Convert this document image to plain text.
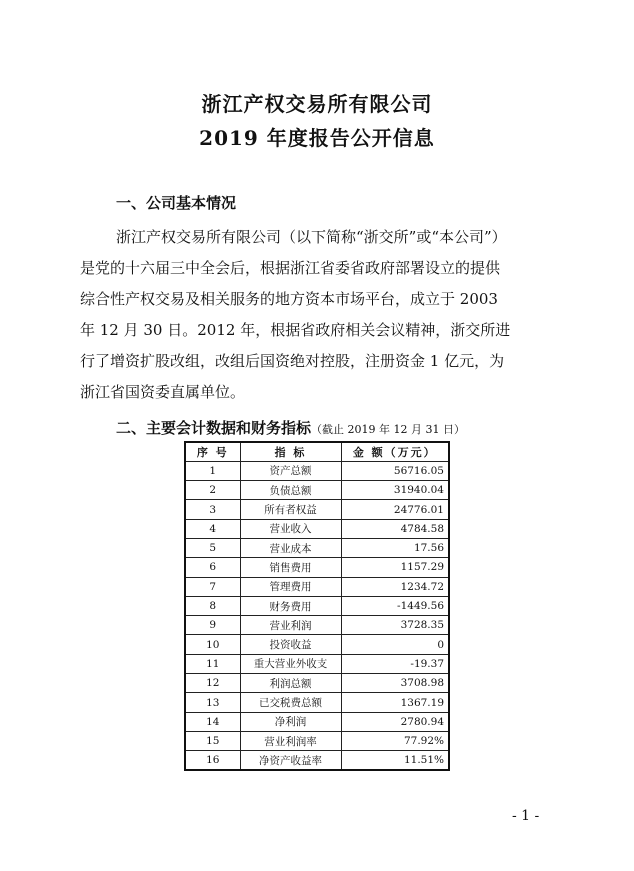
浙江产权交易所有限公司
2019 年度报告公开信息
一、公司基本情况
浙江产权交易所有限公司（以下简称“浙交所”或“本公司”）
是党的十六届三中全会后，根据浙江省委省政府部署设立的提供
综合性产权交易及相关服务的地方资本市场平台，成立于 2003
年 12 月 30 日。2012 年，根据省政府相关会议精神，浙交所进
行了增资扩股改组，改组后国资绝对控股，注册资金 1 亿元，为
浙江省国资委直属单位。
二、主要会计数据和财务指标（截止 2019 年 12 月 31 日）
序 号	指 标	金 额（万元）
1	资产总额	56716.05
2	负债总额	31940.04
3	所有者权益	24776.01
4	营业收入	4784.58
5	营业成本	17.56
6	销售费用	1157.29
7	管理费用	1234.72
8	财务费用	-1449.56
9	营业利润	3728.35
10	投资收益	0
11	重大营业外收支	-19.37
12	利润总额	3708.98
13	已交税费总额	1367.19
14	净利润	2780.94
15	营业利润率	77.92%
16	净资产收益率	11.51%
- 1 -
